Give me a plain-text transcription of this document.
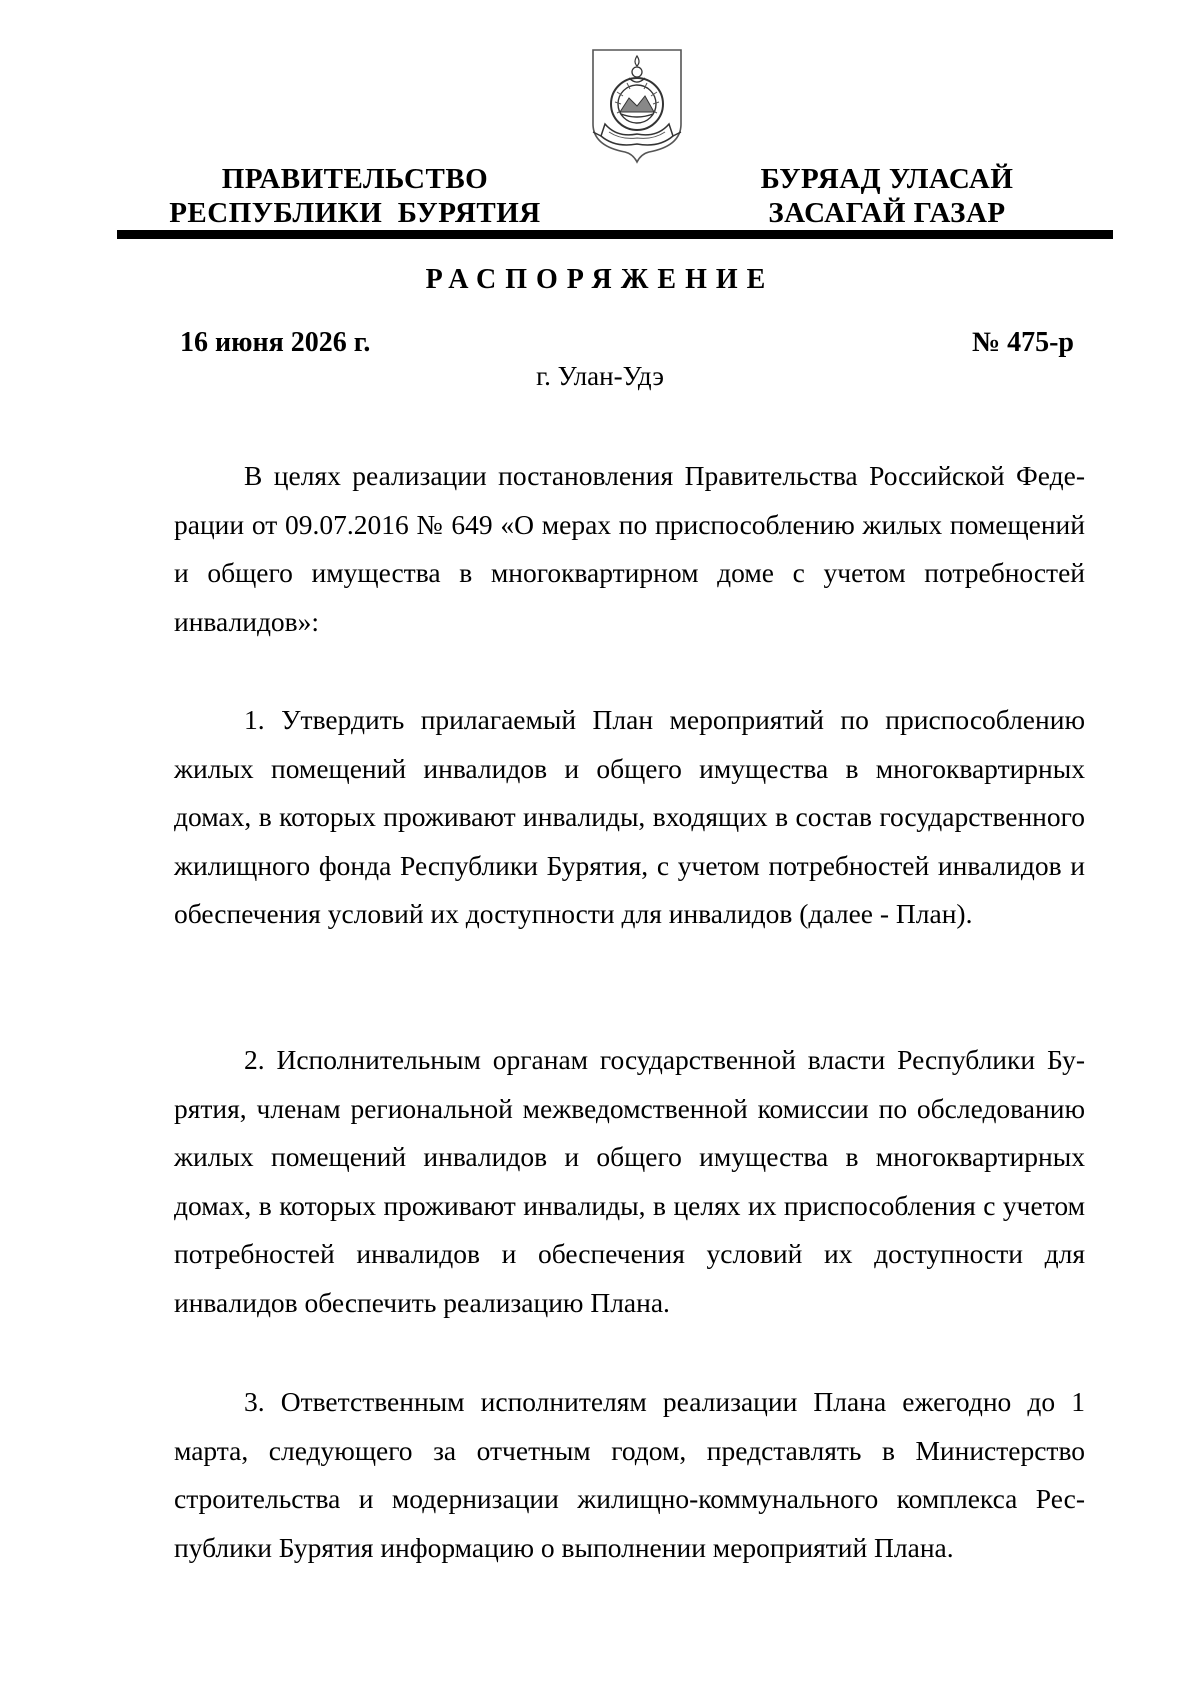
ПРАВИТЕЛЬСТВО
РЕСПУБЛИКИ  БУРЯТИЯ
БУРЯАД УЛАСАЙ
ЗАСАГАЙ ГАЗАР
РАСПОРЯЖЕНИЕ
16 июня 2026 г.	№ 475-р
г. Улан-Удэ

В целях реализации постановления Правительства Российской Федерации от 09.07.2016 № 649 «О мерах по приспособлению жилых помещений и общего имущества в многоквартирном доме с учетом потребностей инвалидов»:

1. Утвердить прилагаемый План мероприятий по приспособлению жилых помещений инвалидов и общего имущества в многоквартирных домах, в которых проживают инвалиды, входящих в состав государственного жилищного фонда Республики Бурятия, с учетом потребностей инвалидов и обеспечения условий их доступности для инвалидов (далее - План).

2. Исполнительным органам государственной власти Республики Бурятия, членам региональной межведомственной комиссии по обследованию жилых помещений инвалидов и общего имущества в многоквартирных домах, в которых проживают инвалиды, в целях их приспособления с учетом потребностей инвалидов и обеспечения условий их доступности для инвалидов обеспечить реализацию Плана.

3. Ответственным исполнителям реализации Плана ежегодно до 1 марта, следующего за отчетным годом, представлять в Министерство строительства и модернизации жилищно-коммунального комплекса Республики Бурятия информацию о выполнении мероприятий Плана.
